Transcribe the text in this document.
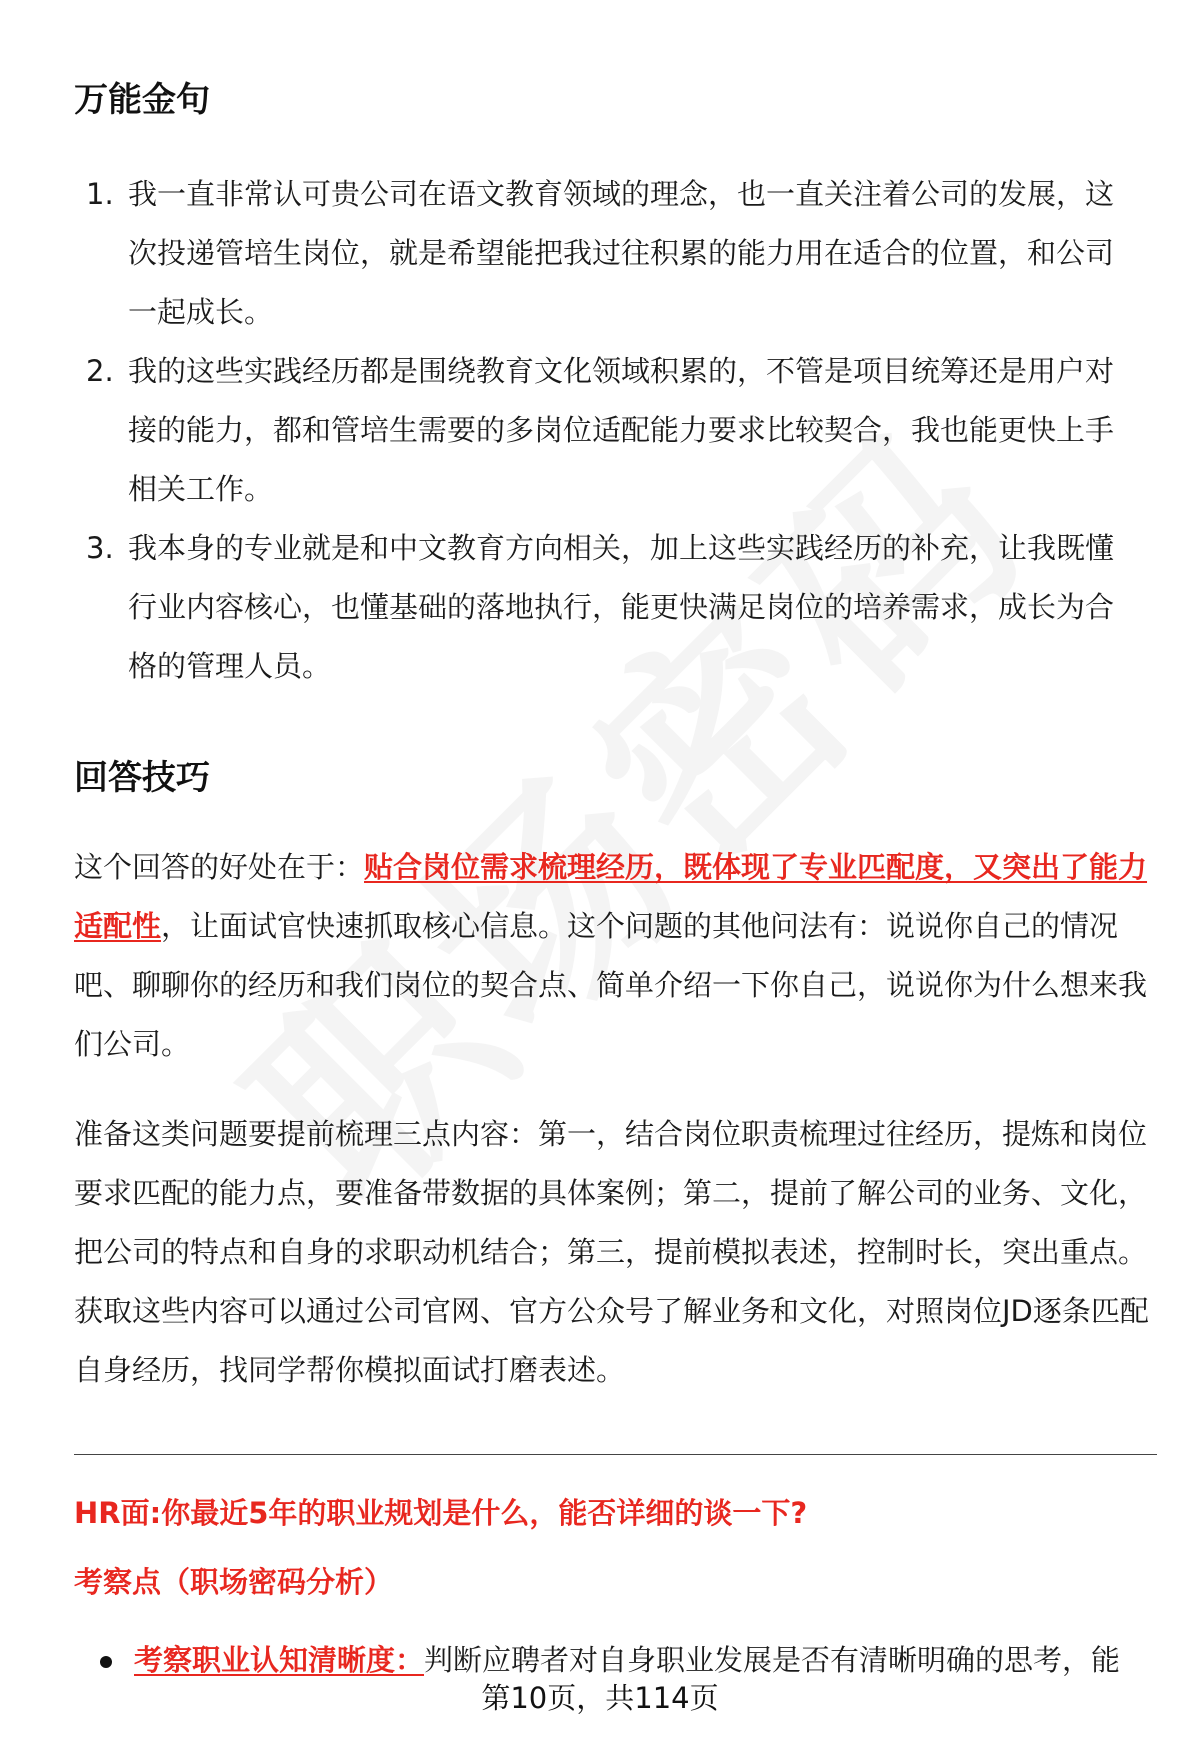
万能金句
1. 我一直非常认可贵公司在语文教育领域的理念，也一直关注着公司的发展，这
次投递管培生岗位，就是希望能把我过往积累的能力用在适合的位置，和公司
一起成长。
2. 我的这些实践经历都是围绕教育文化领域积累的，不管是项目统筹还是用户对
接的能力，都和管培生需要的多岗位适配能力要求比较契合，我也能更快上手
相关工作。
3. 我本身的专业就是和中文教育方向相关，加上这些实践经历的补充，让我既懂
行业内容核心，也懂基础的落地执行，能更快满足岗位的培养需求，成长为合
格的管理人员。
回答技巧

这个回答的好处在于：贴合岗位需求梳理经历，既体现了专业匹配度，又突出了能力适配性，让面试官快速抓取核心信息。这个问题的其他问法有：说说你自己的情况吧、聊聊你的经历和我们岗位的契合点、简单介绍一下你自己，说说你为什么想来我们公司。

准备这类问题要提前梳理三点内容：第一，结合岗位职责梳理过往经历，提炼和岗位要求匹配的能力点，要准备带数据的具体案例；第二，提前了解公司的业务、文化，把公司的特点和自身的求职动机结合；第三，提前模拟表述，控制时长，突出重点。获取这些内容可以通过公司官网、官方公众号了解业务和文化，对照岗位JD逐条匹配自身经历，找同学帮你模拟面试打磨表述。

HR面:你最近5年的职业规划是什么，能否详细的谈一下?
考察点（职场密码分析）
考察职业认知清晰度：判断应聘者对自身职业发展是否有清晰明确的思考，能
第10页，共114页
